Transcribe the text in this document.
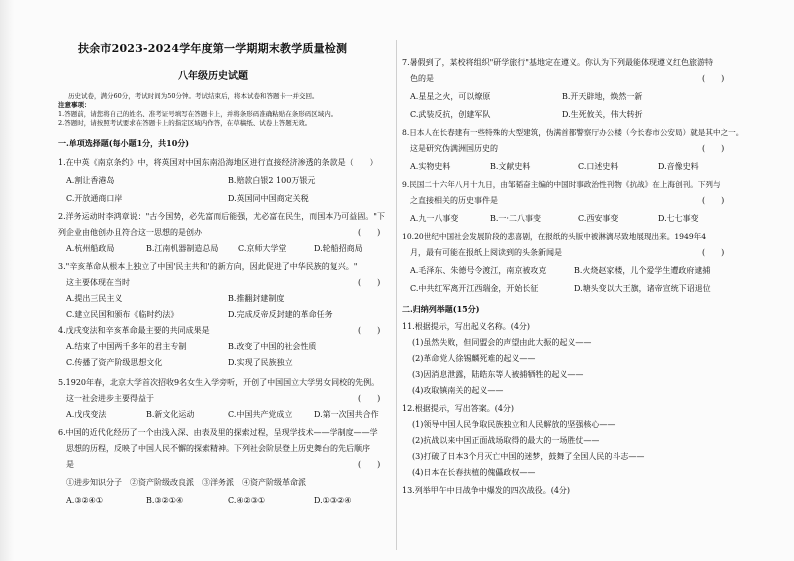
扶余市2023-2024学年度第一学期期末教学质量检测
八年级历史试题
历史试卷，满分60分，考试时间为50分钟。考试结束后，将本试卷和答题卡一并交回。
注意事项：
1.答题前，请您将自己的姓名、准考证号填写在答题卡上，并将条形码准确粘贴在条形码区域内。
2.答题时，请按照考试要求在答题卡上的指定区域内作答，在草稿纸、试卷上答题无效。
一.单项选择题(每小题1分，共10分)
1.在中英《南京条约》中，将英国对中国东南沿海地区进行直接经济渗透的条款是（　　）
A.割让香港岛	B.赔款白银2 100万银元
C.开放通商口岸	D.英国同中国商定关税
2.洋务运动时李鸿章说："古今国势，必先富而后能强，尤必富在民生，而国本乃可益固。"下
列企业由他创办且符合这一思想的是创办	(　　)
A.杭州船政局	B.江南机器制造总局 C.京师大学堂	D.轮船招商局
3."辛亥革命从根本上独立了中国'民主共和'的新方向，因此促进了中华民族的复兴。"
这主要体现在当时	(　　)
A.提出三民主义	B.推翻封建制度
C.建立民国和颁布《临时约法》	D.完成反帝反封建的革命任务
4.戊戌变法和辛亥革命最主要的共同成果是	(　　)
A.结束了中国两千多年的君主专制	B.改变了中国的社会性质
C.传播了资产阶级思想文化	D.实现了民族独立
5.1920年春，北京大学首次招收9名女生入学旁听，开创了中国国立大学男女同校的先例。
这一社会进步主要得益于	(　　)
A.戊戌变法	B.新文化运动	C.中国共产党成立	D.第一次国共合作
6.中国的近代化经历了一个由浅入深、由表及里的探索过程，呈现学技术——学制度——学
思想的历程，反映了中国人民不懈的探索精神。下列社会阶层登上历史舞台的先后顺序
是	(　　)
①进步知识分子　②资产阶级改良派　③洋务派　④资产阶级革命派
A.③②④①	B.③②①④	C.④②③①	D.①③②④
7.暑假到了，某校将组织"研学旅行"基地定在遵义。你认为下列最能体现遵义红色旅游特
色的是	(　　)
A.星星之火，可以燎原	B.开天辟地，焕然一新
C.武装反抗，创建军队	D.生死攸关，伟大转折
8.日本人在长春建有一些特殊的大型建筑，伪满首都警察厅办公楼（今长春市公安局）就是其中之一。
这是研究伪满洲国历史的	(　　)
A.实物史料	B.文献史料	C.口述史料	D.音像史料
9.民国二十六年八月十九日，由邹韬奋主编的中国时事政治性刊物《抗战》在上海创刊。下列与
之直接相关的历史事件是	(　　)
A.九一八事变	B.一·二八事变	C.西安事变	D.七七事变
10.20世纪中国社会发展阶段的悲喜剧，在报纸的头版中被淋漓尽致地展现出来。1949年4
月，最有可能在报纸上阅读到的头条新闻是	(　　)
A.毛泽东、朱德号令渡江，南京被攻克	B.火烧赵家楼，儿个爱学生遭政府逮捕
C.中共红军离开江西瑞金，开始长征	D.塘头变以大王旗，诸帝宣统下诏退位
二.归纳列举题(15分)
11.根据提示，写出起义名称。(4分)
(1)虽然失败，但同盟会的声望由此大振的起义——
(2)革命党人徐锡麟死难的起义——
(3)因消息泄露，陆皓东等人被捕牺牲的起义——
(4)攻取镇南关的起义——
12.根据提示，写出答案。(4分)
(1)领导中国人民争取民族独立和人民解放的坚强核心——
(2)抗战以来中国正面战场取得的最大的一场胜仗——
(3)打破了日本3个月灭亡中国的迷梦，鼓舞了全国人民的斗志——
(4)日本在长春扶植的傀儡政权——
13.列举甲午中日战争中爆发的四次战役。(4分)
